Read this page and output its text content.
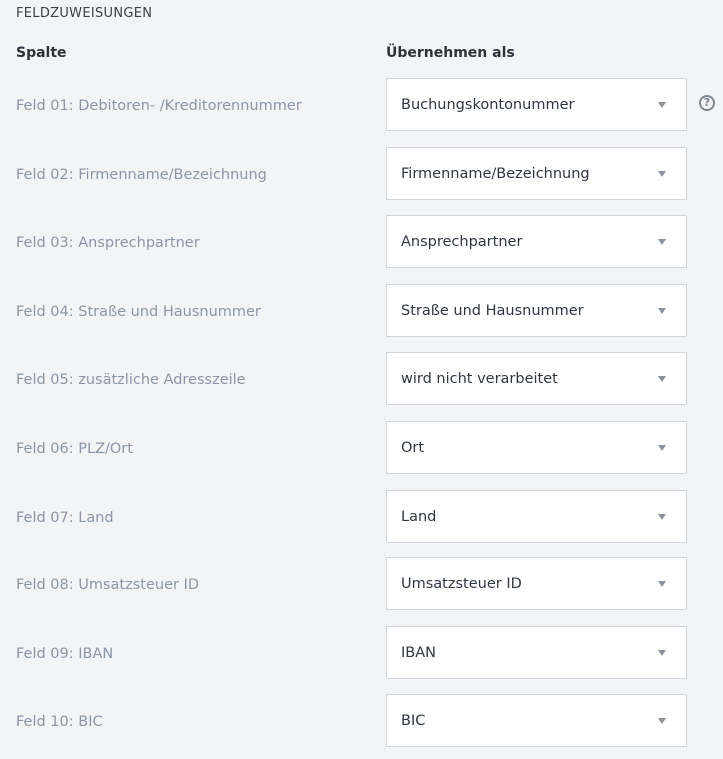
FELDZUWEISUNGEN
Spalte	Übernehmen als
Feld 01: Debitoren- /Kreditorennummer	Buchungskontonummer	?
Feld 02: Firmenname/Bezeichnung	Firmenname/Bezeichnung
Feld 03: Ansprechpartner	Ansprechpartner
Feld 04: Straße und Hausnummer	Straße und Hausnummer
Feld 05: zusätzliche Adresszeile	wird nicht verarbeitet
Feld 06: PLZ/Ort	Ort
Feld 07: Land	Land
Feld 08: Umsatzsteuer ID	Umsatzsteuer ID
Feld 09: IBAN	IBAN
Feld 10: BIC	BIC
